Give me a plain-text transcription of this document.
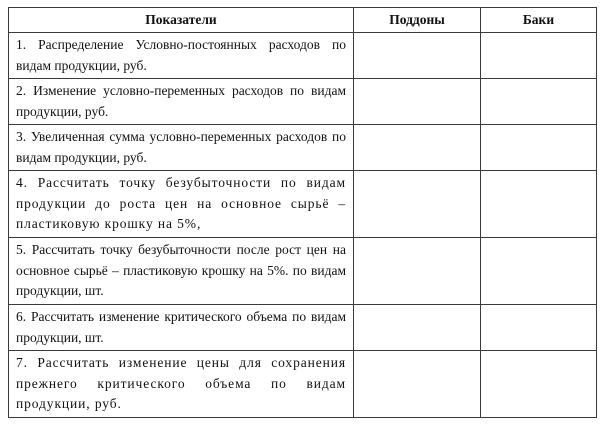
Показатели	Поддоны	Баки
1. Распределение Условно-постоянных расходов по видам продукции, руб.		
2. Изменение условно-переменных расходов по видам продукции, руб.		
3. Увеличенная сумма условно-переменных расходов по видам продукции, руб.		
4. Рассчитать точку безубыточности по видам продукции до роста цен на основное сырьё – пластиковую крошку на 5%,		
5. Рассчитать точку безубыточности после рост цен на основное сырьё – пластиковую крошку на 5%. по видам продукции, шт.		
6. Рассчитать изменение критического объема по видам продукции, шт.		
7. Рассчитать изменение цены для сохранения прежнего критического объема по видам продукции, руб.		
